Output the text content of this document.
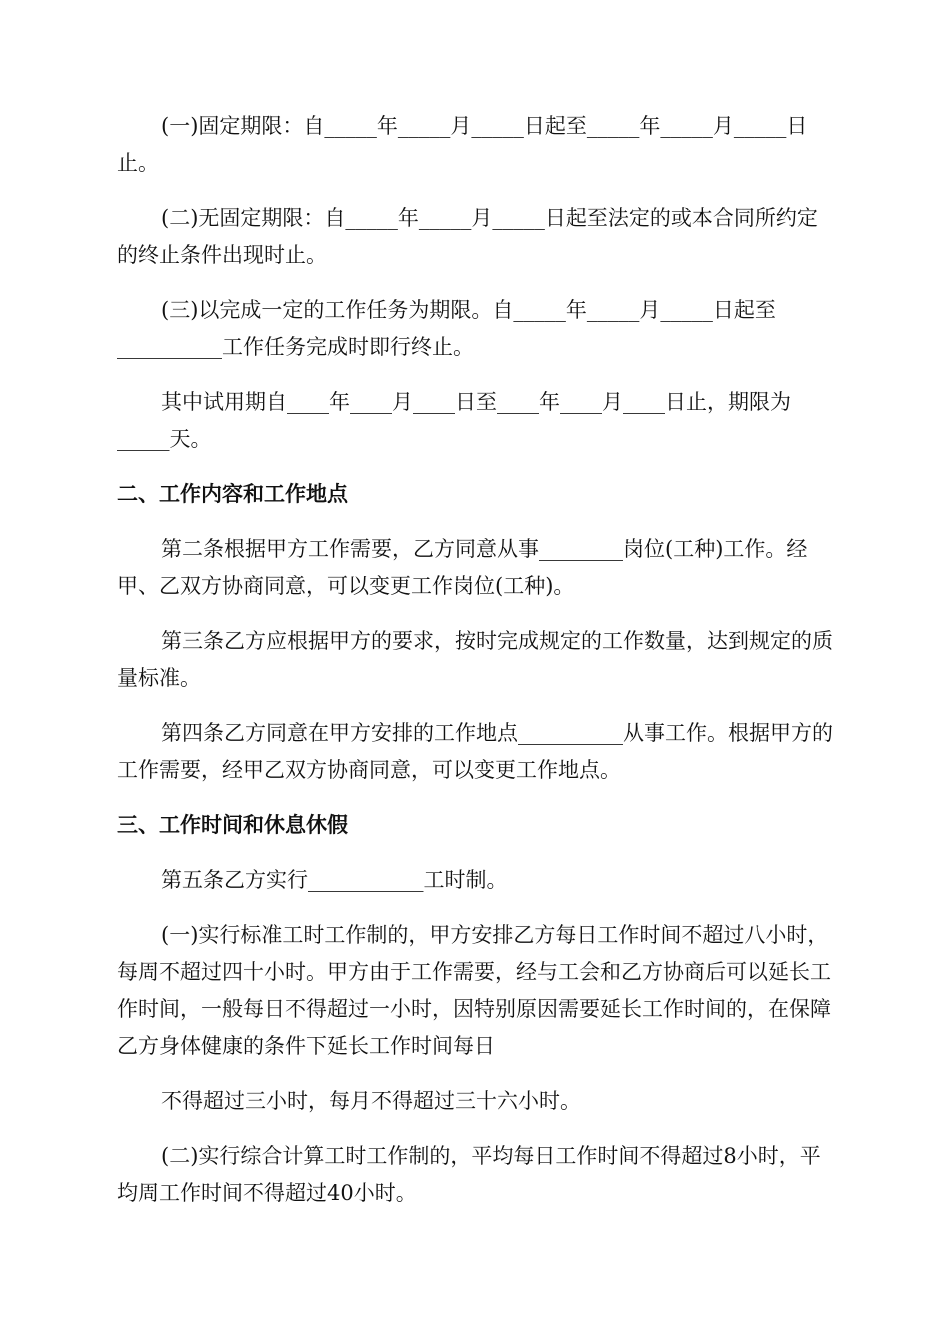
(一)固定期限：自_____年_____月_____日起至_____年_____月_____日止。

(二)无固定期限：自_____年_____月_____日起至法定的或本合同所约定的终止条件出现时止。

(三)以完成一定的工作任务为期限。自_____年_____月_____日起至__________工作任务完成时即行终止。

其中试用期自____年____月____日至____年____月____日止，期限为_____天。

二、工作内容和工作地点

第二条根据甲方工作需要，乙方同意从事________岗位(工种)工作。经甲、乙双方协商同意，可以变更工作岗位(工种)。

第三条乙方应根据甲方的要求，按时完成规定的工作数量，达到规定的质量标准。

第四条乙方同意在甲方安排的工作地点__________从事工作。根据甲方的工作需要，经甲乙双方协商同意，可以变更工作地点。

三、工作时间和休息休假

第五条乙方实行___________工时制。

(一)实行标准工时工作制的，甲方安排乙方每日工作时间不超过八小时，每周不超过四十小时。甲方由于工作需要，经与工会和乙方协商后可以延长工作时间，一般每日不得超过一小时，因特别原因需要延长工作时间的，在保障乙方身体健康的条件下延长工作时间每日

不得超过三小时，每月不得超过三十六小时。

(二)实行综合计算工时工作制的，平均每日工作时间不得超过8小时，平均周工作时间不得超过40小时。
